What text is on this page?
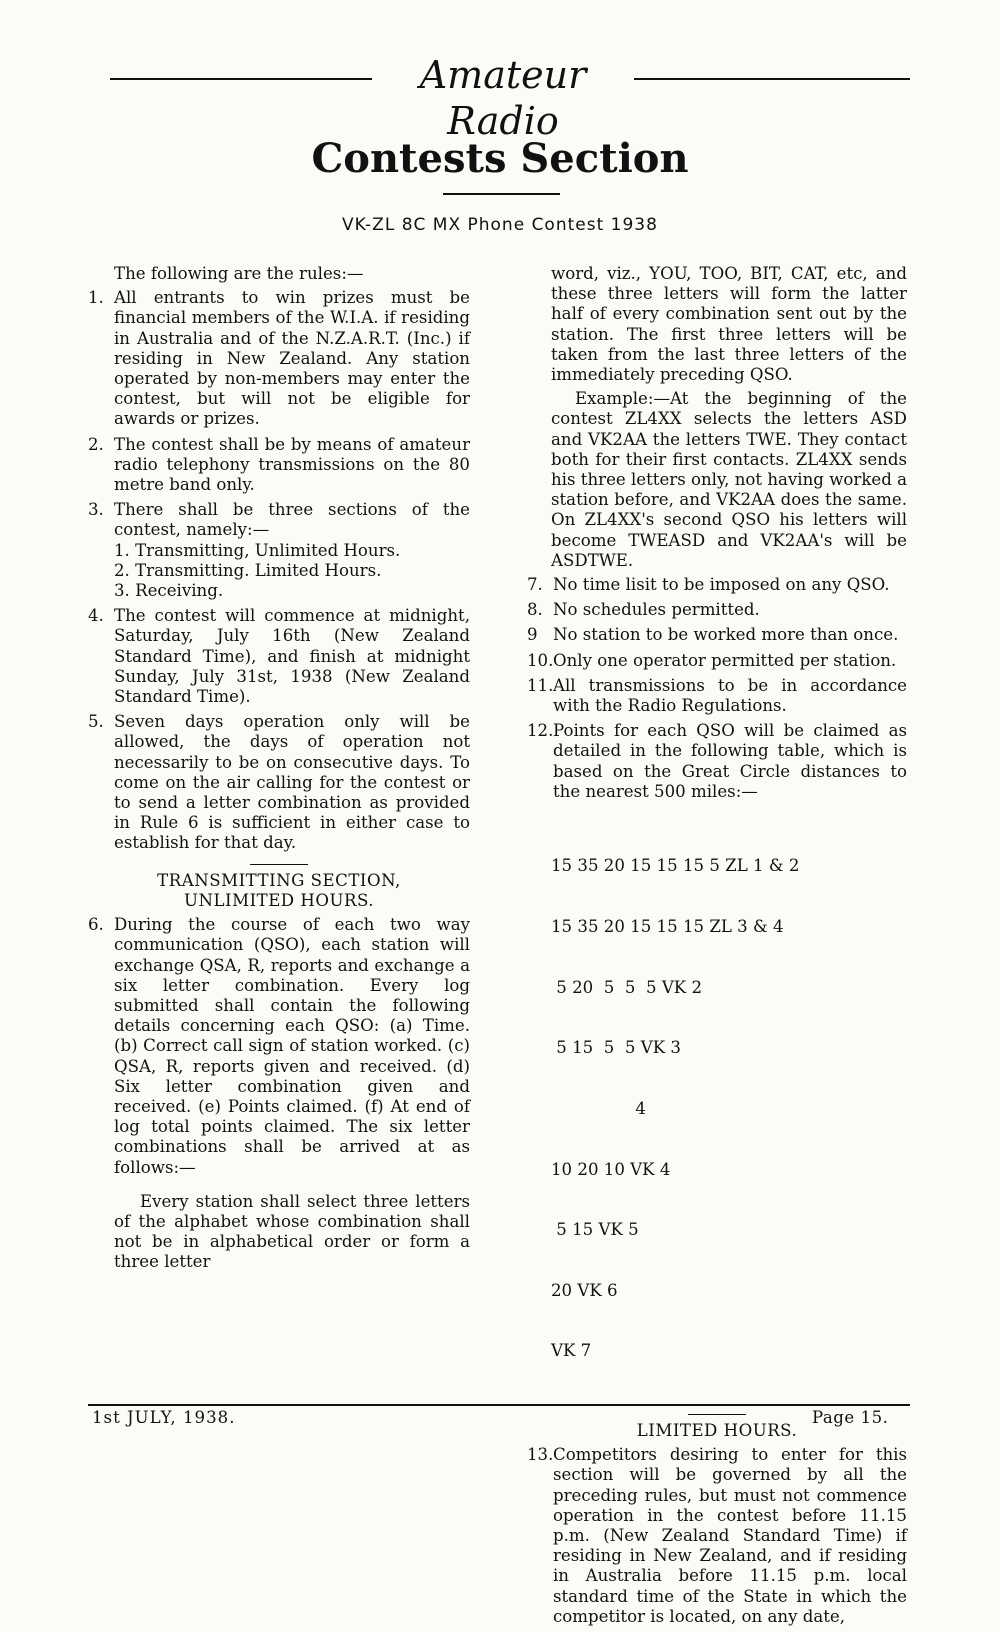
Amateur Radio
Contests Section
VK-ZL 8C MX Phone Contest 1938

The following are the rules:—

1. All entrants to win prizes must be financial members of the W.I.A. if residing in Australia and of the N.Z.A.R.T. (Inc.) if residing in New Zealand. Any station operated by non-members may enter the contest, but will not be eligible for awards or prizes.
2. The contest shall be by means of amateur radio telephony transmissions on the 80 metre band only.
3. There shall be three sections of the contest, namely:—
1. Transmitting, Unlimited Hours.
2. Transmitting. Limited Hours.
3. Receiving.
4. The contest will commence at midnight, Saturday, July 16th (New Zealand Standard Time), and finish at midnight Sunday, July 31st, 1938 (New Zealand Standard Time).
5. Seven days operation only will be allowed, the days of operation not necessarily to be on consecutive days. To come on the air calling for the contest or to send a letter combination as provided in Rule 6 is sufficient in either case to establish for that day.
TRANSMITTING SECTION,
UNLIMITED HOURS.
6. During the course of each two way communication (QSO), each station will exchange QSA, R, reports and exchange a six letter combination. Every log submitted shall contain the following details concerning each QSO: (a) Time. (b) Correct call sign of station worked. (c) QSA, R, reports given and received. (d) Six letter combination given and received. (e) Points claimed. (f) At end of log total points claimed. The six letter combinations shall be arrived at as follows:—

Every station shall select three letters of the alphabet whose combination shall not be in alphabetical order or form a three letter

word, viz., YOU, TOO, BIT, CAT, etc, and these three letters will form the latter half of every combination sent out by the station. The first three letters will be taken from the last three letters of the immediately preceding QSO.

Example:—At the beginning of the contest ZL4XX selects the letters ASD and VK2AA the letters TWE. They contact both for their first contacts. ZL4XX sends his three letters only, not having worked a station before, and VK2AA does the same. On ZL4XX's second QSO his letters will become TWEASD and VK2AA's will be ASDTWE.

7. No time lisit to be imposed on any QSO.
8. No schedules permitted.
9 No station to be worked more than once.
10. Only one operator permitted per station.
11. All transmissions to be in accordance with the Radio Regulations.
12. Points for each QSO will be claimed as detailed in the following table, which is based on the Great Circle distances to the nearest 500 miles:—

15 35 20 15 15 15 5 ZL 1 & 2

15 35 20 15 15 15 ZL 3 & 4

5 20  5  5  5 VK 2

5 15  5  5 VK 3

4

10 20 10 VK 4

5 15 VK 5

20 VK 6

VK 7

LIMITED HOURS.
13. Competitors desiring to enter for this section will be governed by all the preceding rules, but must not commence operation in the contest before 11.15 p.m. (New Zealand Standard Time) if residing in New Zealand, and if residing in Australia before 11.15 p.m. local standard time of the State in which the competitor is located, on any date,
1st JULY, 1938.	Page 15.
